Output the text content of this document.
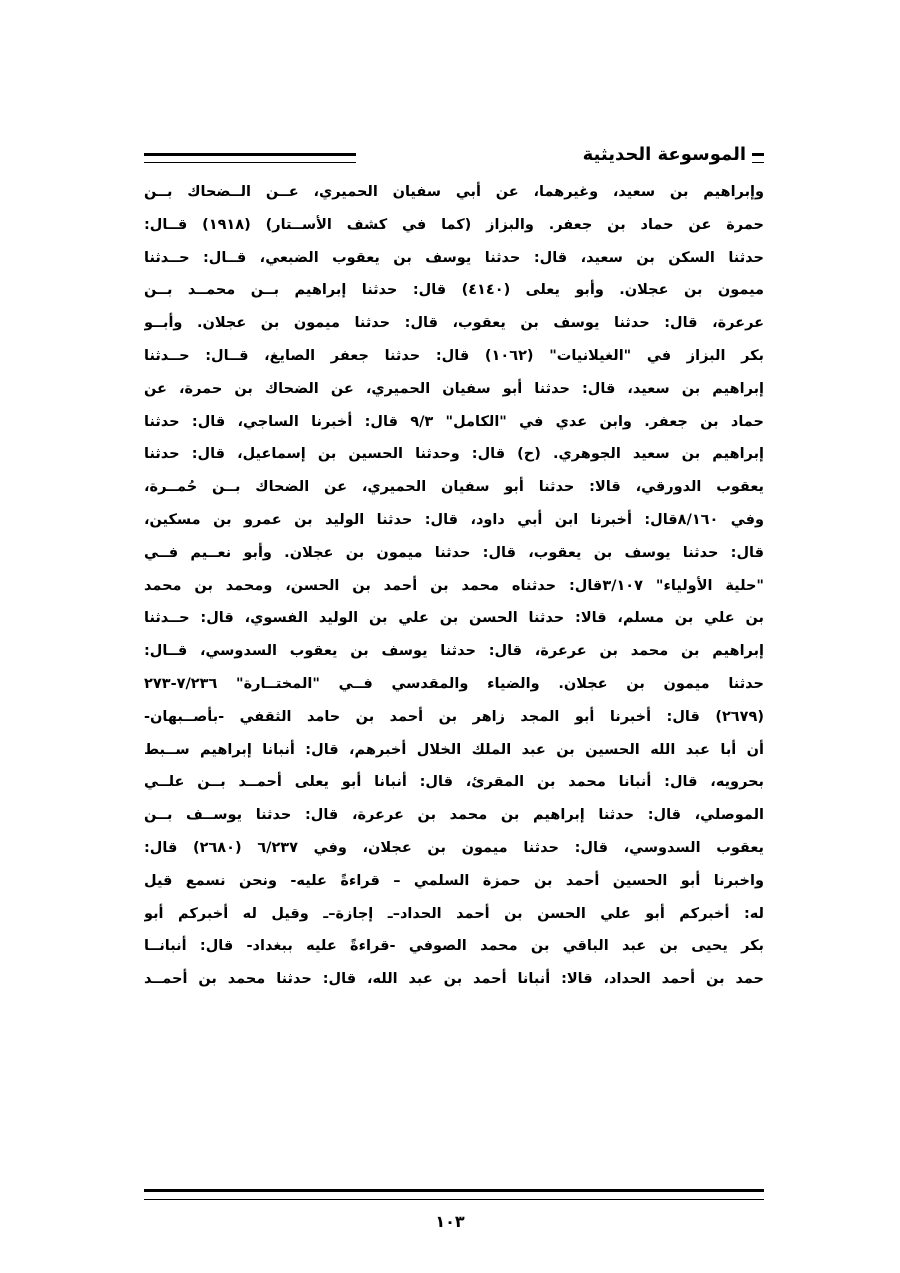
الموسوعة الحديثية
وإبراهيم بن سعيد، وغيرهما، عن أبي سفيان الحميري، عــن الــضحاك بــن
حمرة عن حماد بن جعفر. والبزاز (كما في كشف الأســتار) (١٩١٨) قــال:
حدثنا السكن بن سعيد، قال: حدثنا يوسف بن يعقوب الضبعي، قــال: حــدثنا
ميمون بن عجلان. وأبو يعلى (٤١٤٠) قال: حدثنا إبراهيم بــن محمــد بــن
عرعرة، قال: حدثنا يوسف بن يعقوب، قال: حدثنا ميمون بن عجلان. وأبــو
بكر البزاز في "الغيلانيات" (١٠٦٢) قال: حدثنا جعفر الصايغ، قــال: حــدثنا
إبراهيم بن سعيد، قال: حدثنا أبو سفيان الحميري، عن الضحاك بن حمرة، عن
حماد بن جعفر. وابن عدي في "الكامل" ٩/٣ قال: أخبرنا الساجي، قال: حدثنا
إبراهيم بن سعيد الجوهري. (ح) قال: وحدثنا الحسين بن إسماعيل، قال: حدثنا
يعقوب الدورقي، قالا: حدثنا أبو سفيان الحميري، عن الضحاك بــن حُمــرة،
وفي ٨/١٦٠قال: أخبرنا ابن أبي داود، قال: حدثنا الوليد بن عمرو بن مسكين،
قال: حدثنا يوسف بن يعقوب، قال: حدثنا ميمون بن عجلان. وأبو نعــيم فــي
"حلية الأولياء" ٣/١٠٧قال: حدثناه محمد بن أحمد بن الحسن، ومحمد بن محمد
بن علي بن مسلم، قالا: حدثنا الحسن بن علي بن الوليد الفسوي، قال: حــدثنا
إبراهيم بن محمد بن عرعرة، قال: حدثنا يوسف بن يعقوب السدوسي، قــال:
حدثنا ميمون بن عجلان. والضياء والمقدسي فــي "المختــارة" ٧/٢٣٦-٢٧٣
(٢٦٧٩) قال: أخبرنا أبو المجد زاهر بن أحمد بن حامد الثقفي -بأصــبهان-
أن أبا عبد الله الحسين بن عبد الملك الخلال أخبرهم، قال: أنبانا إبراهيم ســبط
بحرويه، قال: أنبانا محمد بن المقرئ، قال: أنبانا أبو يعلى أحمــد بــن علــي
الموصلي، قال: حدثنا إبراهيم بن محمد بن عرعرة، قال: حدثنا يوســف بــن
يعقوب السدوسي، قال: حدثنا ميمون بن عجلان، وفي ٦/٢٣٧ (٢٦٨٠) قال:
واخبرنا أبو الحسين أحمد بن حمزة السلمي – قراءةً عليه- ونحن نسمع قيل
له: أخبركم أبو علي الحسن بن أحمد الحداد–ـ إجازة–ـ وقيل له أخبركم أبو
بكر يحيى بن عبد الباقي بن محمد الصوفي -قراءةً عليه ببغداد- قال: أنبانــا
حمد بن أحمد الحداد، قالا: أنبانا أحمد بن عبد الله، قال: حدثنا محمد بن أحمــد
١٠٣
